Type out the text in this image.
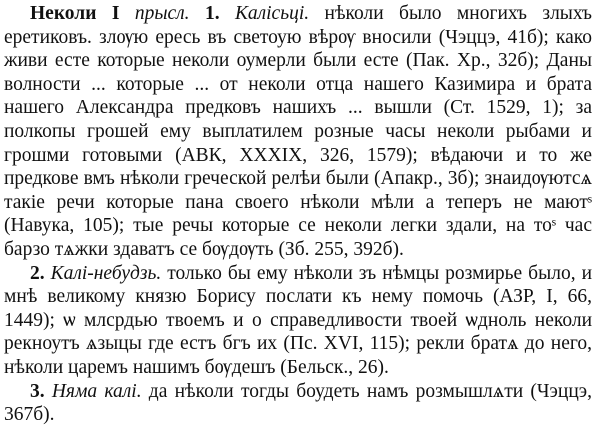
Неколи I прысл. 1. Калісьці. нѣколи было многихъ злыхъ еретиковъ. злѹю ересь въ светоую вѣрѹ вносили (Чэццэ, 41б); како живи есте которые неколи оумерли были есте (Пак. Хр., 32б); Даны волности ... которые ... от неколи отца нашего Казимира и брата нашего Александра предковъ нашихъ ... вышли (Ст. 1529, 1); за полкопы грошей ему выплатилем розные часы неколи рыбами и грошми готовыми (АВК, XXXIX, 326, 1579); вѣдаючи и то же предкове вмъ нѣколи греческой релѣи были (Апакр., 3б); знаидѹютсѧ такіе речи которые пана своего нѣколи мѣли а теперъ не маютˢ (Навука, 105); тые речы которые се неколи легки здали, на тоˢ час барзо тѧжки здаватъ се бѹдѹть (Зб. 255, 392б).

2. Калі-небудзь. только бы ему нѣколи зъ нѣмцы розмирье было, и мнѣ великому князю Борису послати къ нему помочь (АЗР, I, 66, 1449); ѡ млсрдью твоемъ и о справедливости твоей ѡдноль неколи рекноутъ ѧзыцы где естъ бгъ их (Пс. XVI, 115); рекли братѧ до него, нѣколи царемъ нашимъ бѹдешъ (Бельск., 26).

3. Няма калі. да нѣколи тогды боудеть намъ розмышлѧти (Чэццэ, 367б).
